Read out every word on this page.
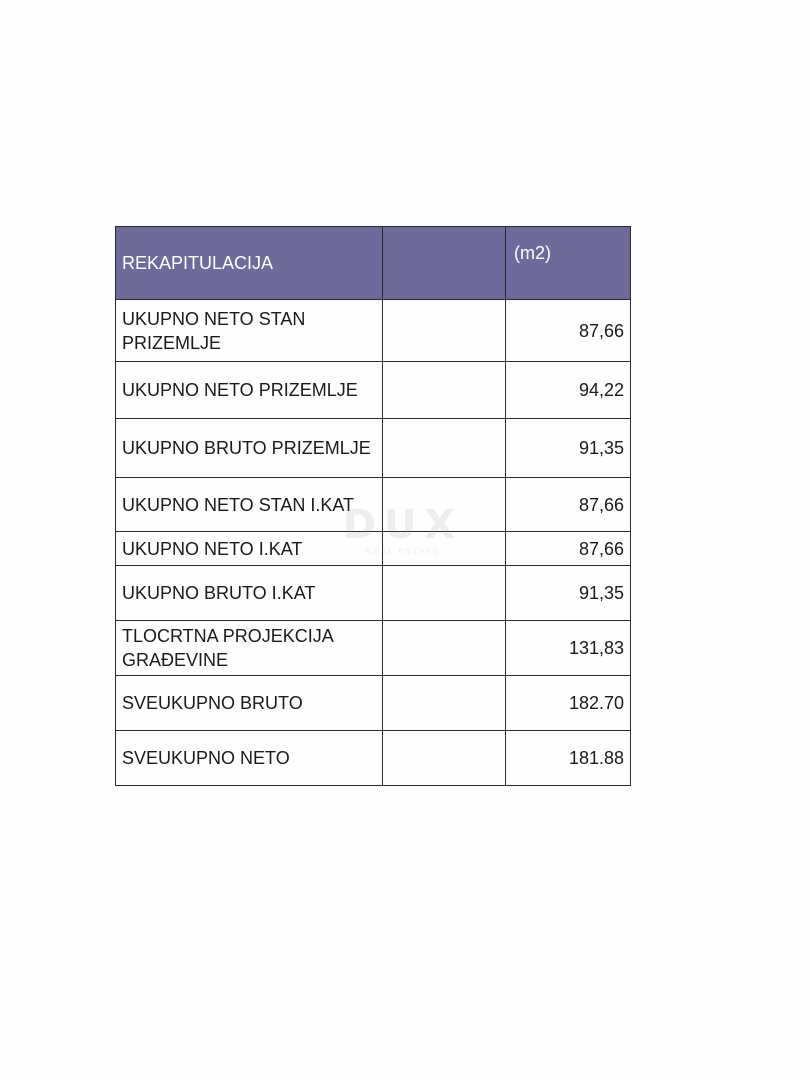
REKAPITULACIJA		(m2)
UKUPNO NETO STAN PRIZEMLJE		87,66
UKUPNO NETO PRIZEMLJE		94,22
UKUPNO BRUTO PRIZEMLJE		91,35
UKUPNO NETO STAN I.KAT		87,66
UKUPNO NETO I.KAT		87,66
UKUPNO BRUTO I.KAT		91,35
TLOCRTNA PROJEKCIJA GRAĐEVINE		131,83
SVEUKUPNO BRUTO		182.70
SVEUKUPNO NETO		181.88
DUX
REAL ESTATE
